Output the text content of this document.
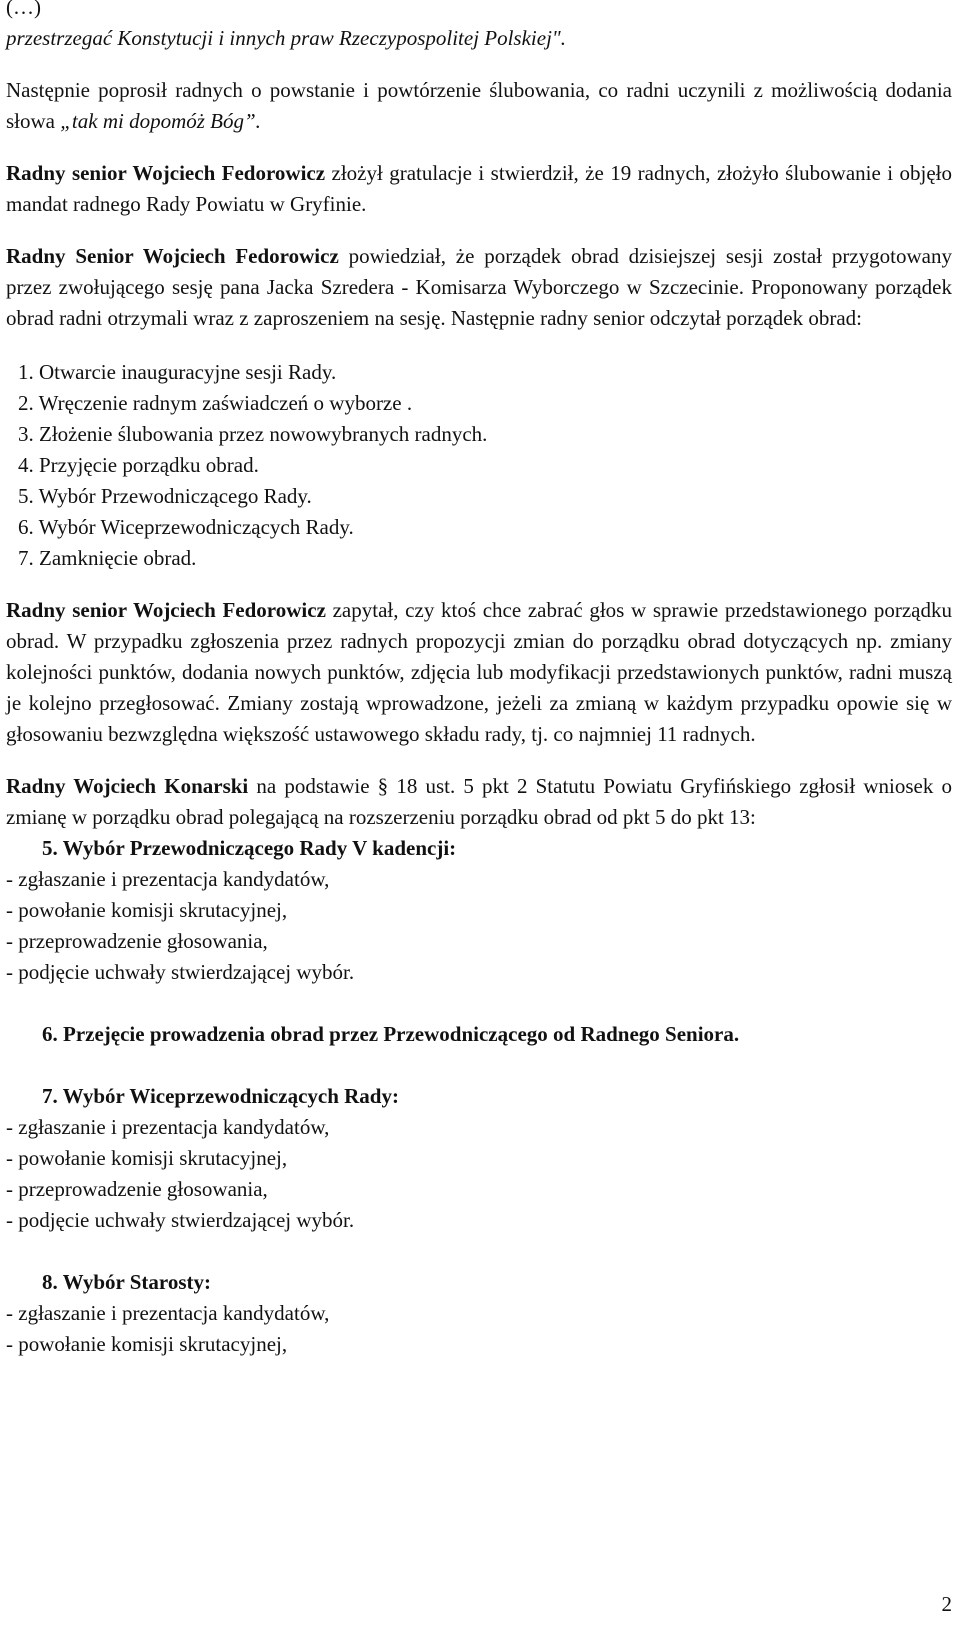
(…)

przestrzegać Konstytucji i innych praw Rzeczypospolitej Polskiej".

Następnie poprosił radnych o powstanie i powtórzenie ślubowania, co radni uczynili z możliwością dodania słowa „tak mi dopomóż Bóg”.

Radny senior Wojciech Fedorowicz złożył gratulacje i stwierdził, że 19 radnych, złożyło ślubowanie i objęło mandat radnego Rady Powiatu w Gryfinie.

Radny Senior Wojciech Fedorowicz powiedział, że porządek obrad dzisiejszej sesji został przygotowany przez zwołującego sesję pana Jacka Szredera - Komisarza Wyborczego w Szczecinie. Proponowany porządek obrad radni otrzymali wraz z zaproszeniem na sesję. Następnie radny senior odczytał porządek obrad:

1. Otwarcie inauguracyjne sesji Rady.
2. Wręczenie radnym zaświadczeń o wyborze .
3. Złożenie ślubowania przez nowowybranych radnych.
4. Przyjęcie porządku obrad.
5. Wybór Przewodniczącego Rady.
6. Wybór Wiceprzewodniczących Rady.
7. Zamknięcie obrad.

Radny senior Wojciech Fedorowicz zapytał, czy ktoś chce zabrać głos w sprawie przedstawionego porządku obrad. W przypadku zgłoszenia przez radnych propozycji zmian do porządku obrad dotyczących np. zmiany kolejności punktów, dodania nowych punktów, zdjęcia lub modyfikacji przedstawionych punktów, radni muszą je kolejno przegłosować. Zmiany zostają wprowadzone, jeżeli za zmianą w każdym przypadku opowie się w głosowaniu bezwzględna większość ustawowego składu rady, tj. co najmniej 11 radnych.

Radny Wojciech Konarski na podstawie § 18 ust. 5 pkt 2 Statutu Powiatu Gryfińskiego zgłosił wniosek o zmianę w porządku obrad polegającą na rozszerzeniu porządku obrad od pkt 5 do pkt 13:

5. Wybór Przewodniczącego Rady V kadencji:

- zgłaszanie i prezentacja kandydatów,

- powołanie komisji skrutacyjnej,

- przeprowadzenie głosowania,

- podjęcie uchwały stwierdzającej wybór.

6. Przejęcie prowadzenia obrad przez Przewodniczącego od Radnego Seniora.

7. Wybór Wiceprzewodniczących Rady:

- zgłaszanie i prezentacja kandydatów,

- powołanie komisji skrutacyjnej,

- przeprowadzenie głosowania,

- podjęcie uchwały stwierdzającej wybór.

8. Wybór Starosty:

- zgłaszanie i prezentacja kandydatów,

- powołanie komisji skrutacyjnej,

2
